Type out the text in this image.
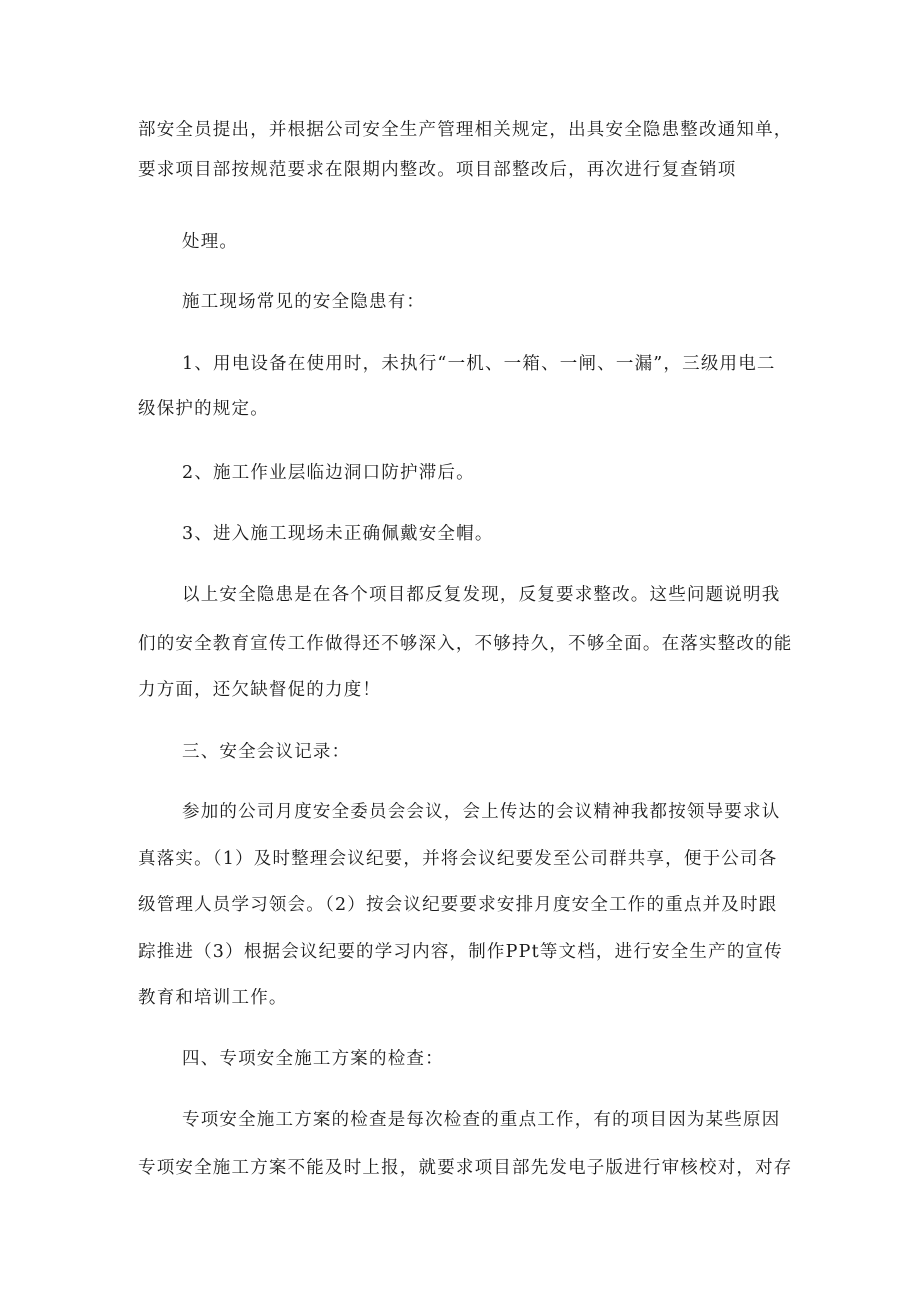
部安全员提出，并根据公司安全生产管理相关规定，出具安全隐患整改通知单，
要求项目部按规范要求在限期内整改。项目部整改后，再次进行复查销项
处理。
施工现场常见的安全隐患有：
1、用电设备在使用时，未执行“一机、一箱、一闸、一漏”，三级用电二
级保护的规定。
2、施工作业层临边洞口防护滞后。
3、进入施工现场未正确佩戴安全帽。
以上安全隐患是在各个项目都反复发现，反复要求整改。这些问题说明我
们的安全教育宣传工作做得还不够深入，不够持久，不够全面。在落实整改的能
力方面，还欠缺督促的力度！
三、安全会议记录：
参加的公司月度安全委员会会议，会上传达的会议精神我都按领导要求认
真落实。（1）及时整理会议纪要，并将会议纪要发至公司群共享，便于公司各
级管理人员学习领会。（2）按会议纪要要求安排月度安全工作的重点并及时跟
踪推进（3）根据会议纪要的学习内容，制作PPt等文档，进行安全生产的宣传
教育和培训工作。
四、专项安全施工方案的检查：
专项安全施工方案的检查是每次检查的重点工作，有的项目因为某些原因
专项安全施工方案不能及时上报，就要求项目部先发电子版进行审核校对，对存
